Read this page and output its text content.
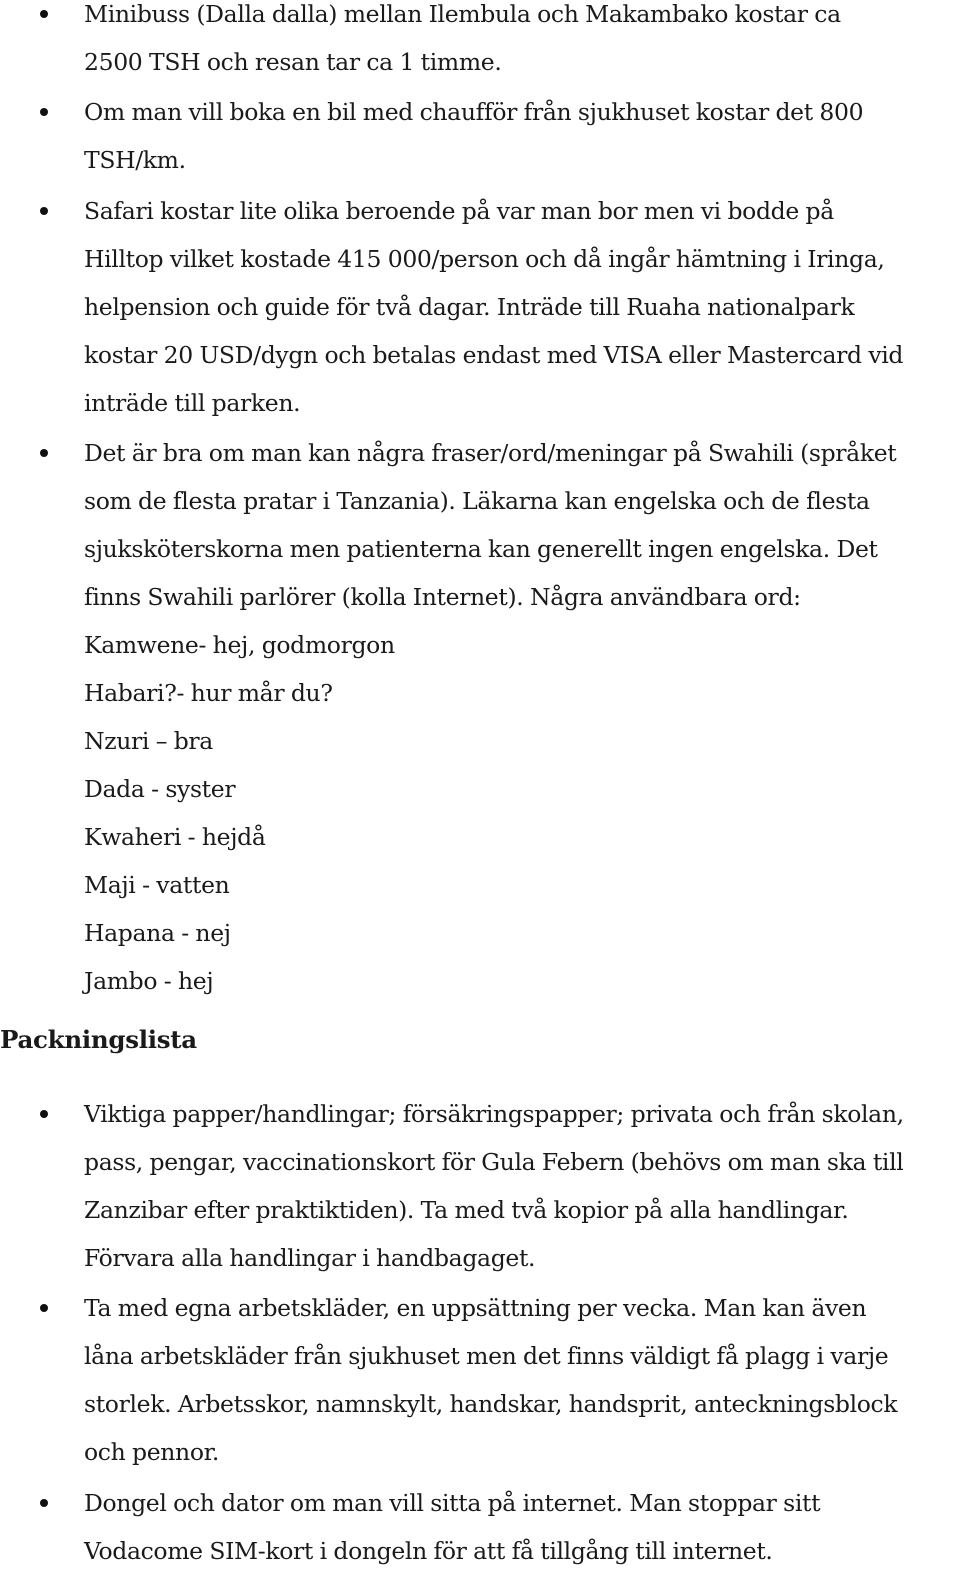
Minibuss (Dalla dalla) mellan Ilembula och Makambako kostar ca
2500 TSH och resan tar ca 1 timme.
Om man vill boka en bil med chaufför från sjukhuset kostar det 800
TSH/km.
Safari kostar lite olika beroende på var man bor men vi bodde på
Hilltop vilket kostade 415 000/person och då ingår hämtning i Iringa,
helpension och guide för två dagar. Inträde till Ruaha nationalpark
kostar 20 USD/dygn och betalas endast med VISA eller Mastercard vid
inträde till parken.
Det är bra om man kan några fraser/ord/meningar på Swahili (språket
som de flesta pratar i Tanzania). Läkarna kan engelska och de flesta
sjuksköterskorna men patienterna kan generellt ingen engelska. Det
finns Swahili parlörer (kolla Internet). Några användbara ord:
Kamwene- hej, godmorgon
Habari?- hur mår du?
Nzuri – bra
Dada - syster
Kwaheri - hejdå
Maji - vatten
Hapana - nej
Jambo - hej
Packningslista
Viktiga papper/handlingar; försäkringspapper; privata och från skolan,
pass, pengar, vaccinationskort för Gula Febern (behövs om man ska till
Zanzibar efter praktiktiden). Ta med två kopior på alla handlingar.
Förvara alla handlingar i handbagaget.
Ta med egna arbetskläder, en uppsättning per vecka. Man kan även
låna arbetskläder från sjukhuset men det finns väldigt få plagg i varje
storlek. Arbetsskor, namnskylt, handskar, handsprit, anteckningsblock
och pennor.
Dongel och dator om man vill sitta på internet. Man stoppar sitt
Vodacome SIM-kort i dongeln för att få tillgång till internet.
